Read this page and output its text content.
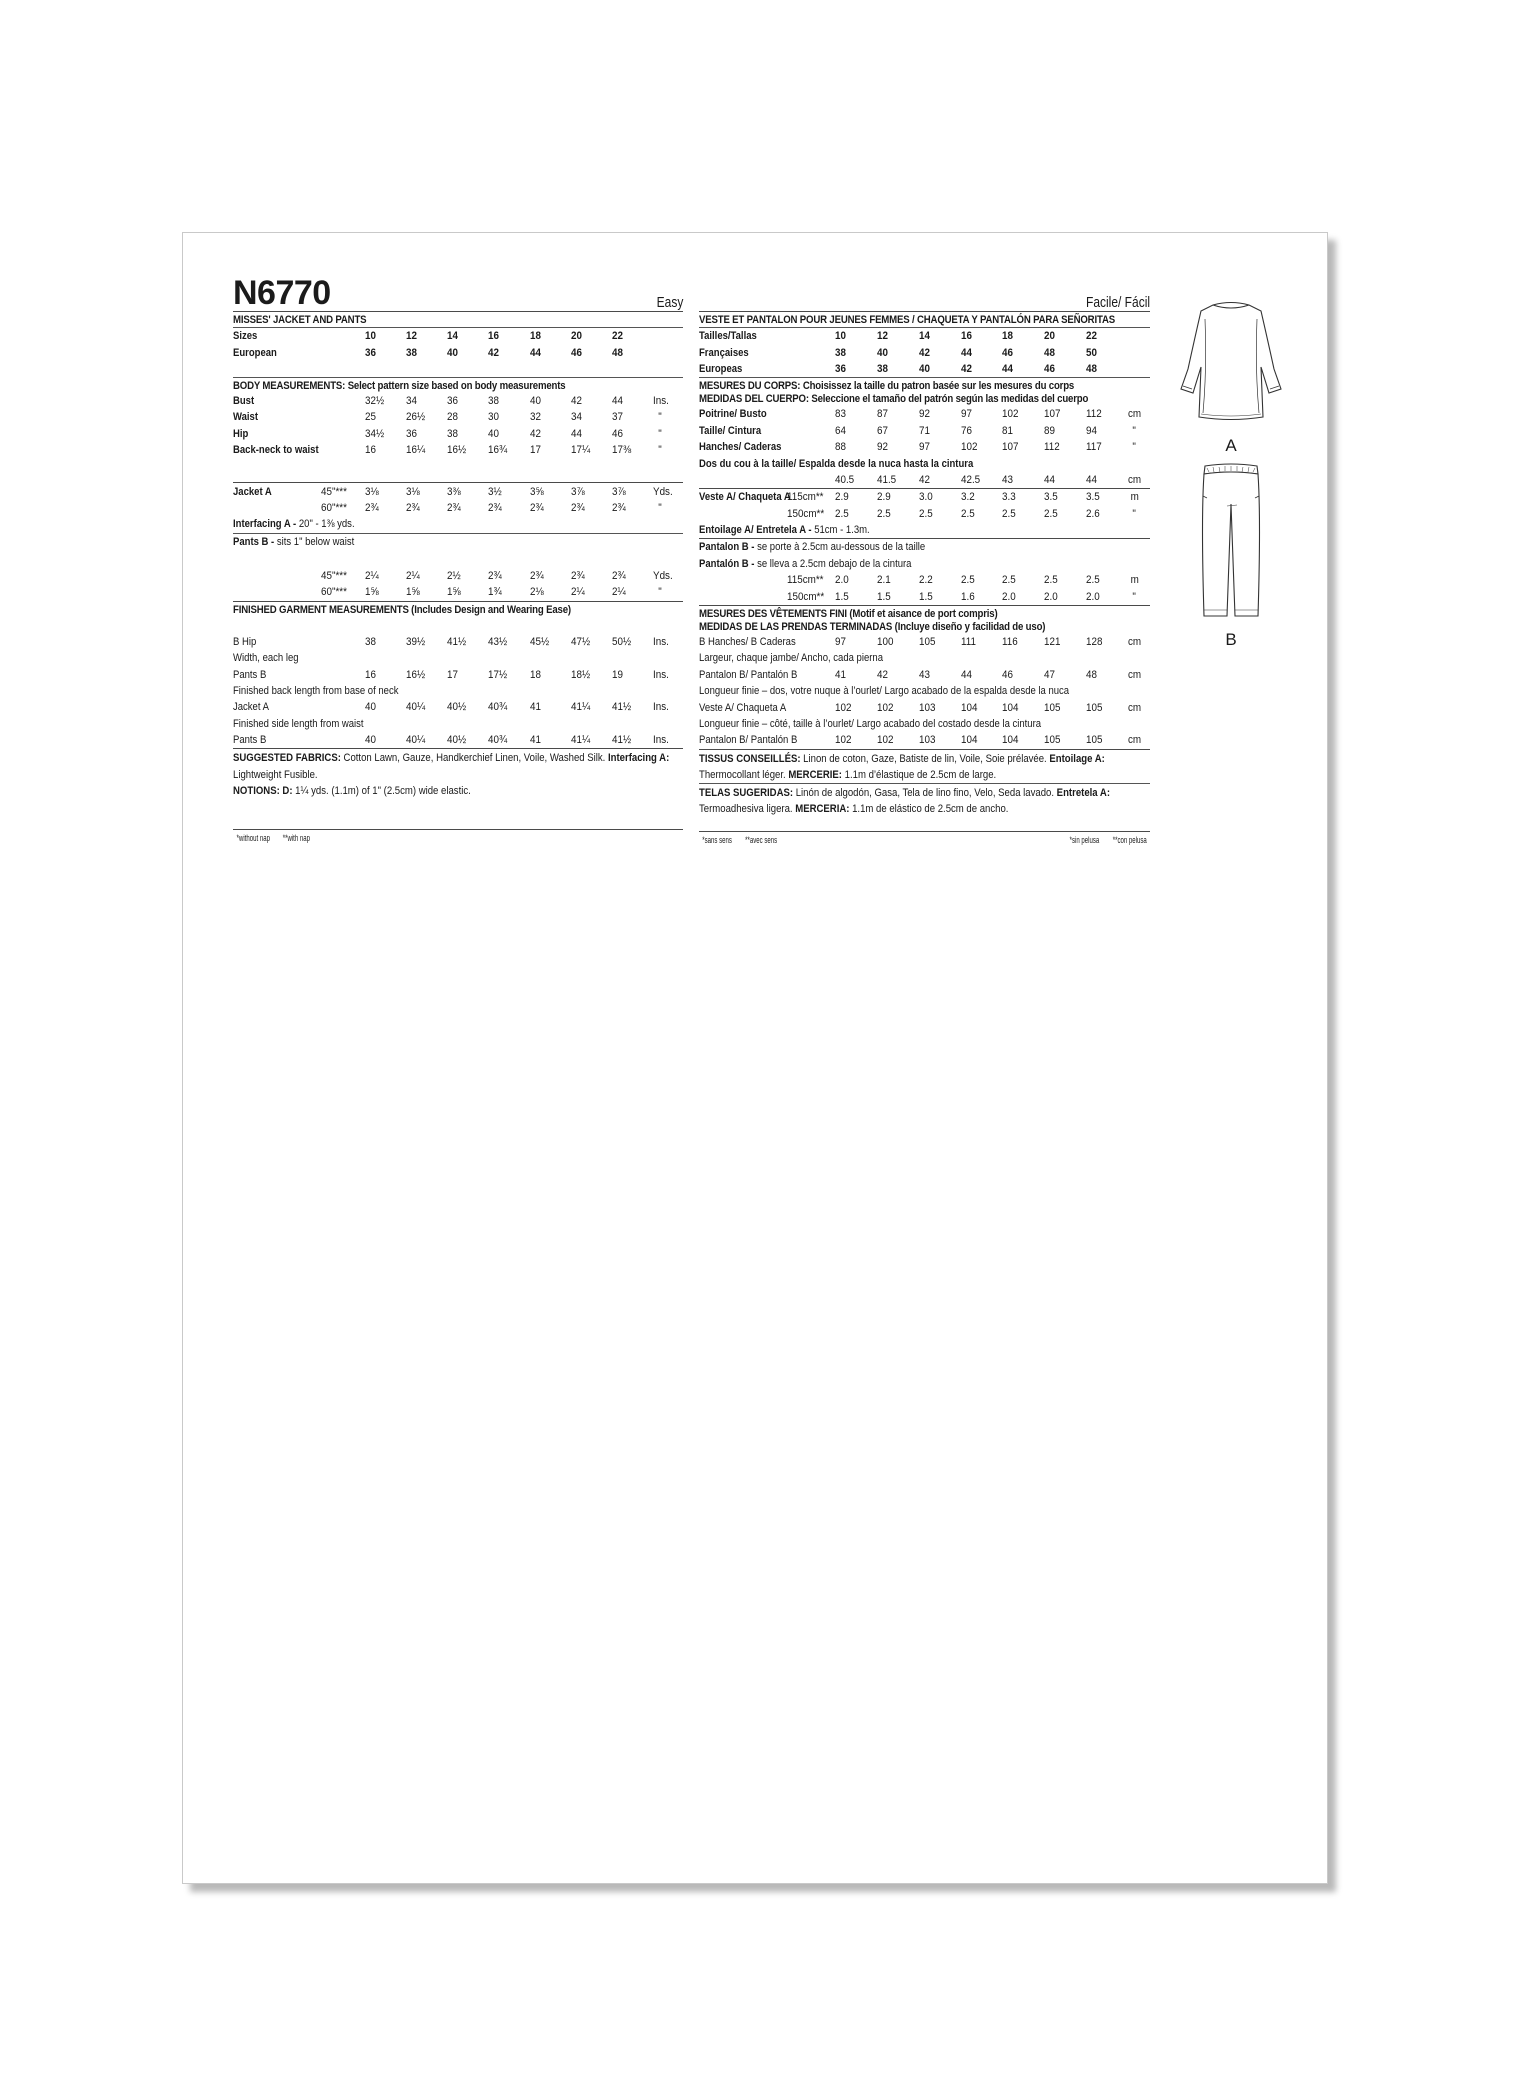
N6770	Easy
MISSES' JACKET AND PANTS
Sizes	10	12	14	16	18	20	22	
European	36	38	40	42	44	46	48	
BODY MEASUREMENTS: Select pattern size based on body measurements
Bust	32½	34	36	38	40	42	44	Ins.
Waist	25	26½	28	30	32	34	37	"
Hip	34½	36	38	40	42	44	46	"
Back-neck to waist	16	16¼	16½	16¾	17	17¼	17⅜	"
Jacket A	45"***	3⅛	3⅛	3⅜	3½	3⅝	3⅞	3⅞	Yds.
	60"***	2¾	2¾	2¾	2¾	2¾	2¾	2¾	"
Interfacing A - 20" - 1⅜ yds.
Pants B - sits 1" below waist
	45"***	2¼	2¼	2½	2¾	2¾	2¾	2¾	Yds.
	60"***	1⅝	1⅝	1⅝	1¾	2⅛	2¼	2¼	"
FINISHED GARMENT MEASUREMENTS (Includes Design and Wearing Ease)
B Hip	38	39½	41½	43½	45½	47½	50½	Ins.
Width, each leg								
Pants B	16	16½	17	17½	18	18½	19	Ins.
Finished back length from base of neck								
Jacket A	40	40¼	40½	40¾	41	41¼	41½	Ins.
Finished side length from waist								
Pants B	40	40¼	40½	40¾	41	41¼	41½	Ins.
SUGGESTED FABRICS: Cotton Lawn, Gauze, Handkerchief Linen, Voile, Washed Silk. Interfacing A: Lightweight Fusible.
NOTIONS: D: 1¼ yds. (1.1m) of 1" (2.5cm) wide elastic.
*without nap **with nap
Facile/ Fácil
VESTE ET PANTALON POUR JEUNES FEMMES / CHAQUETA Y PANTALÓN PARA SEÑORITAS
Tailles/Tallas	10	12	14	16	18	20	22	
Françaises	38	40	42	44	46	48	50	
Europeas	36	38	40	42	44	46	48	
MESURES DU CORPS: Choisissez la taille du patron basée sur les mesures du corps
MEDIDAS DEL CUERPO: Seleccione el tamaño del patrón según las medidas del cuerpo
Poitrine/ Busto	83	87	92	97	102	107	112	cm
Taille/ Cintura	64	67	71	76	81	89	94	"
Hanches/ Caderas	88	92	97	102	107	112	117	"
Dos du cou à la taille/ Espalda desde la nuca hasta la cintura								
	40.5	41.5	42	42.5	43	44	44	cm
Veste A/ Chaqueta A	115cm**	2.9	2.9	3.0	3.2	3.3	3.5	3.5	m
	150cm**	2.5	2.5	2.5	2.5	2.5	2.5	2.6	"
Entoilage A/ Entretela A - 51cm - 1.3m.
Pantalon B - se porte à 2.5cm au-dessous de la taille
Pantalón B - se lleva a 2.5cm debajo de la cintura
	115cm**	2.0	2.1	2.2	2.5	2.5	2.5	2.5	m
	150cm**	1.5	1.5	1.5	1.6	2.0	2.0	2.0	"
MESURES DES VÊTEMENTS FINI (Motif et aisance de port compris)
MEDIDAS DE LAS PRENDAS TERMINADAS (Incluye diseño y facilidad de uso)
B Hanches/ B Caderas	97	100	105	111	116	121	128	cm
Largeur, chaque jambe/ Ancho, cada pierna								
Pantalon B/ Pantalón B	41	42	43	44	46	47	48	cm
Longueur finie – dos, votre nuque à l’ourlet/ Largo acabado de la espalda desde la nuca								
Veste A/ Chaqueta A	102	102	103	104	104	105	105	cm
Longueur finie – côté, taille à l’ourlet/ Largo acabado del costado desde la cintura								
Pantalon B/ Pantalón B	102	102	103	104	104	105	105	cm
TISSUS CONSEILLÉS: Linon de coton, Gaze, Batiste de lin, Voile, Soie prélavée. Entoilage A: Thermocollant léger. MERCERIE: 1.1m d’élastique de 2.5cm de large.
TELAS SUGERIDAS: Linón de algodón, Gasa, Tela de lino fino, Velo, Seda lavado. Entretela A: Termoadhesiva ligera. MERCERIA: 1.1m de elástico de 2.5cm de ancho.
*sans sens **avec sens	*sin pelusa **con pelusa
A
B
